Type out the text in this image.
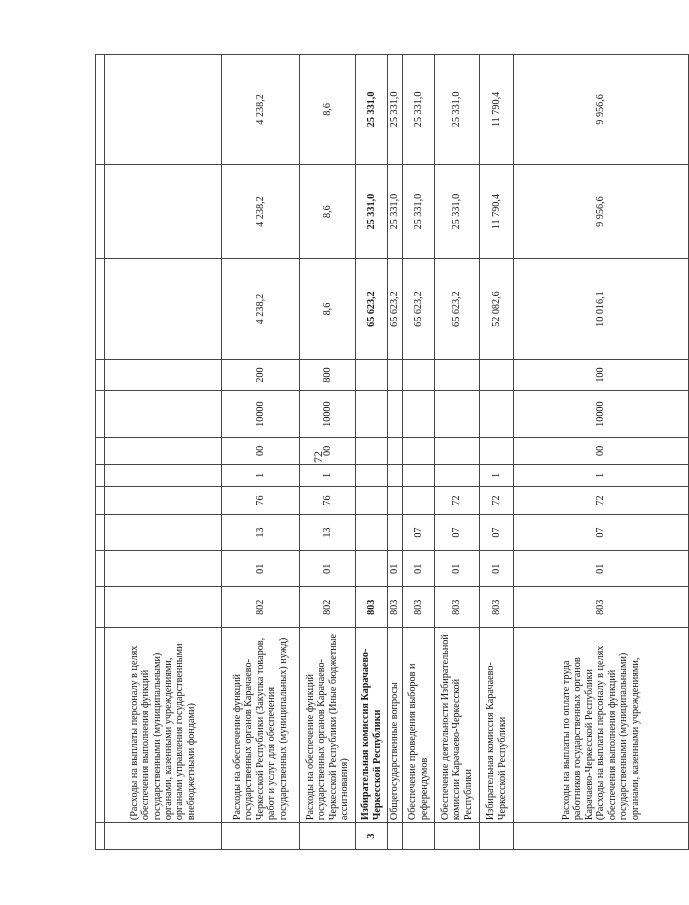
72

	(Расходы на выплаты персоналу в целях обеспечения выполнения функций государственными (муниципальными) органами, казенными учреждениями, органами управления государственными внебюджетными фондами)											
	Расходы на обеспечение функций государственных органов Карачаево-Черкесской Республики (Закупка товаров, работ и услуг для обеспечения государственных (муниципальных) нужд)	802	01	13	76	1	00	10000	200	4 238,2	4 238,2	4 238,2
	Расходы на обеспечение функций государственных органов Карачаево-Черкесской Республики (Иные бюджетные ассигнования)	802	01	13	76	1	00	10000	800	8,6	8,6	8,6
3	Избирательная комиссия Карачаево-Черкесской Республики	803								65 623,2	25 331,0	25 331,0
	Общегосударственные вопросы	803	01							65 623,2	25 331,0	25 331,0
	Обеспечение проведения выборов и референдумов	803	01	07						65 623,2	25 331,0	25 331,0
	Обеспечение деятельности Избирательной комиссии Карачаево-Черкесской Республики	803	01	07	72					65 623,2	25 331,0	25 331,0
	Избирательная комиссия Карачаево-Черкесской Республики	803	01	07	72	1				52 082,6	11 790,4	11 790,4
	Расходы на выплаты по оплате труда работников государственных органов Карачаево-Черкесской Республики (Расходы на выплаты персоналу в целях обеспечения выполнения функций государственными (муниципальными) органами, казенными учреждениями,	803	01	07	72	1	00	10000	100	10 016,1	9 956,6	9 956,6
